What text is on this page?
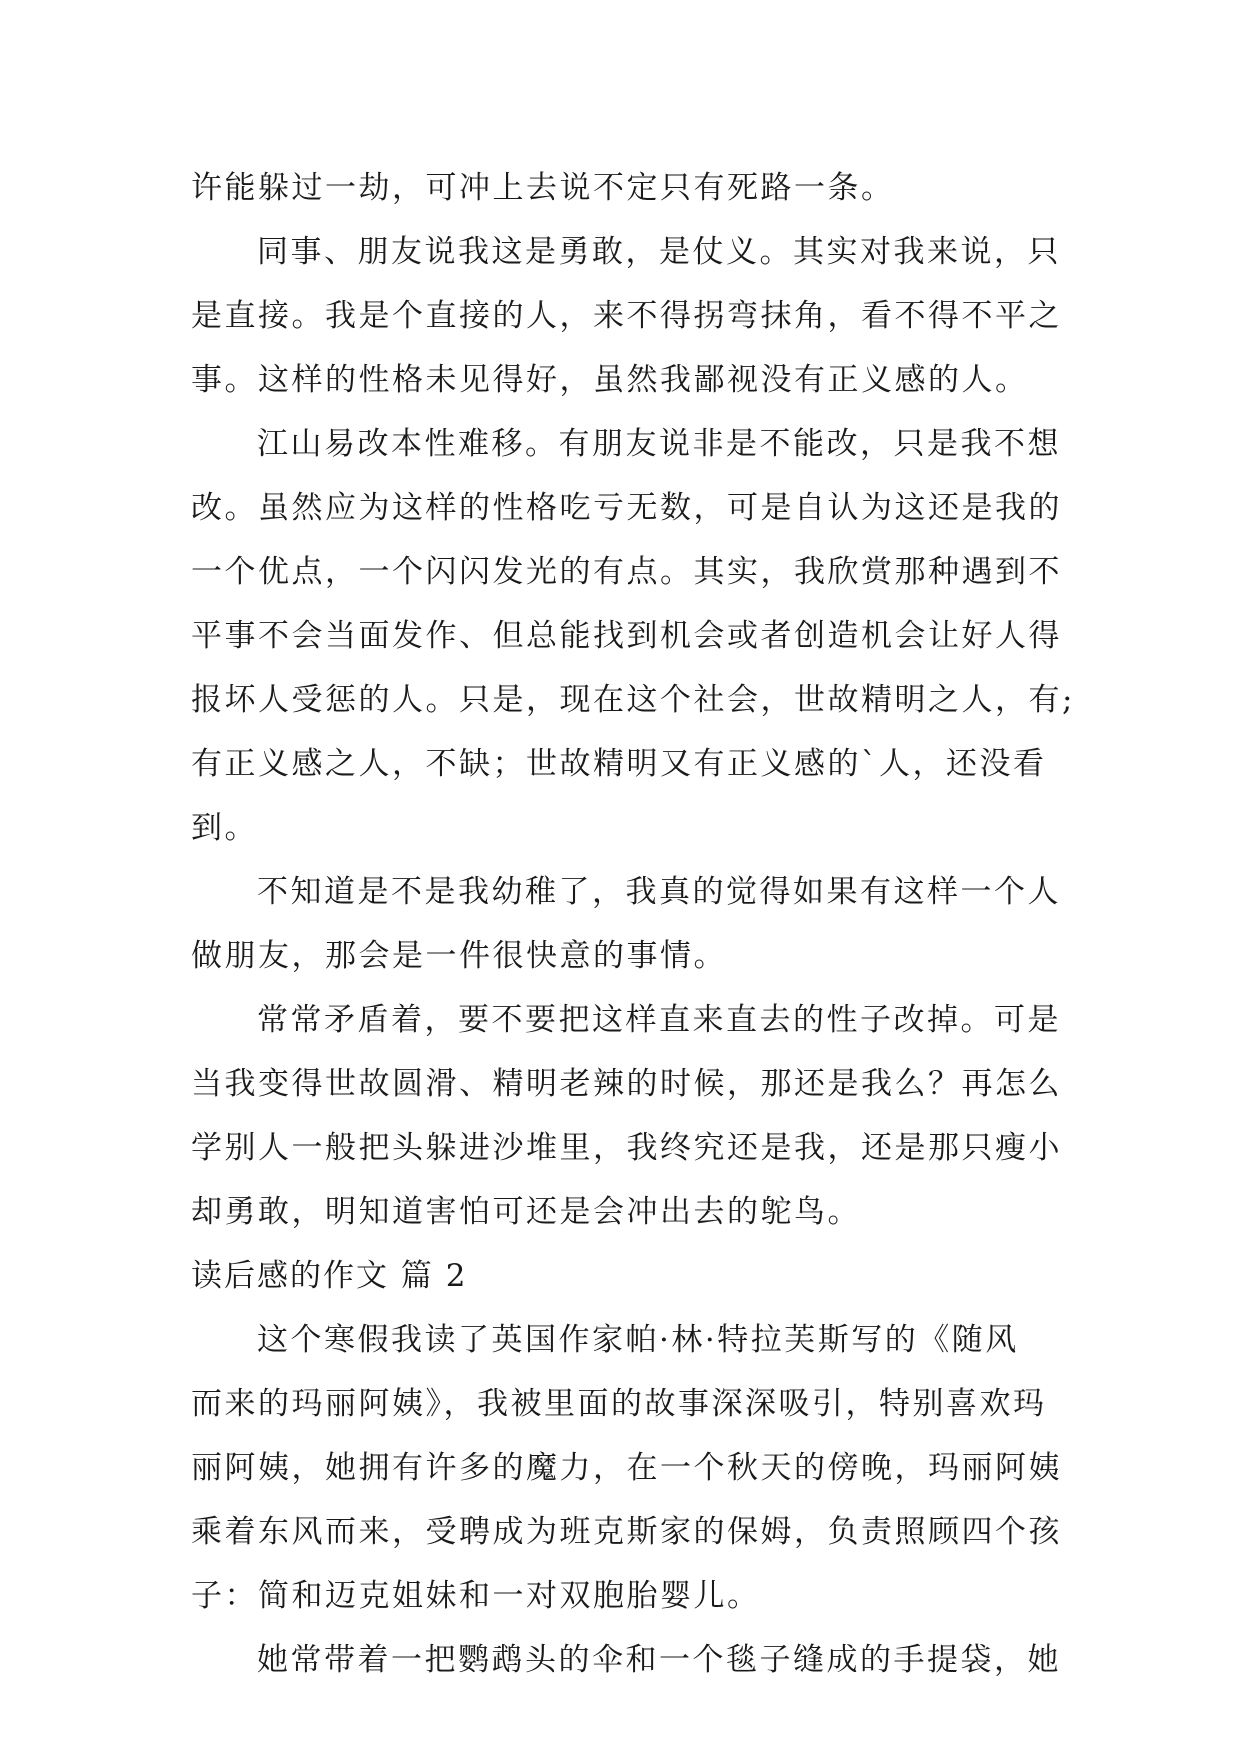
许能躲过一劫，可冲上去说不定只有死路一条。
同事、朋友说我这是勇敢，是仗义。其实对我来说，只
是直接。我是个直接的人，来不得拐弯抹角，看不得不平之
事。这样的性格未见得好，虽然我鄙视没有正义感的人。
江山易改本性难移。有朋友说非是不能改，只是我不想
改。虽然应为这样的性格吃亏无数，可是自认为这还是我的
一个优点，一个闪闪发光的有点。其实，我欣赏那种遇到不
平事不会当面发作、但总能找到机会或者创造机会让好人得
报坏人受惩的人。只是，现在这个社会，世故精明之人，有;
有正义感之人，不缺；世故精明又有正义感的`人，还没看
到。
不知道是不是我幼稚了，我真的觉得如果有这样一个人
做朋友，那会是一件很快意的事情。
常常矛盾着，要不要把这样直来直去的性子改掉。可是
当我变得世故圆滑、精明老辣的时候，那还是我么？再怎么
学别人一般把头躲进沙堆里，我终究还是我，还是那只瘦小
却勇敢，明知道害怕可还是会冲出去的鸵鸟。
读后感的作文 篇 2
这个寒假我读了英国作家帕·林·特拉芙斯写的《随风
而来的玛丽阿姨》，我被里面的故事深深吸引，特别喜欢玛
丽阿姨，她拥有许多的魔力，在一个秋天的傍晚，玛丽阿姨
乘着东风而来，受聘成为班克斯家的保姆，负责照顾四个孩
子：简和迈克姐妹和一对双胞胎婴儿。
她常带着一把鹦鹉头的伞和一个毯子缝成的手提袋，她
